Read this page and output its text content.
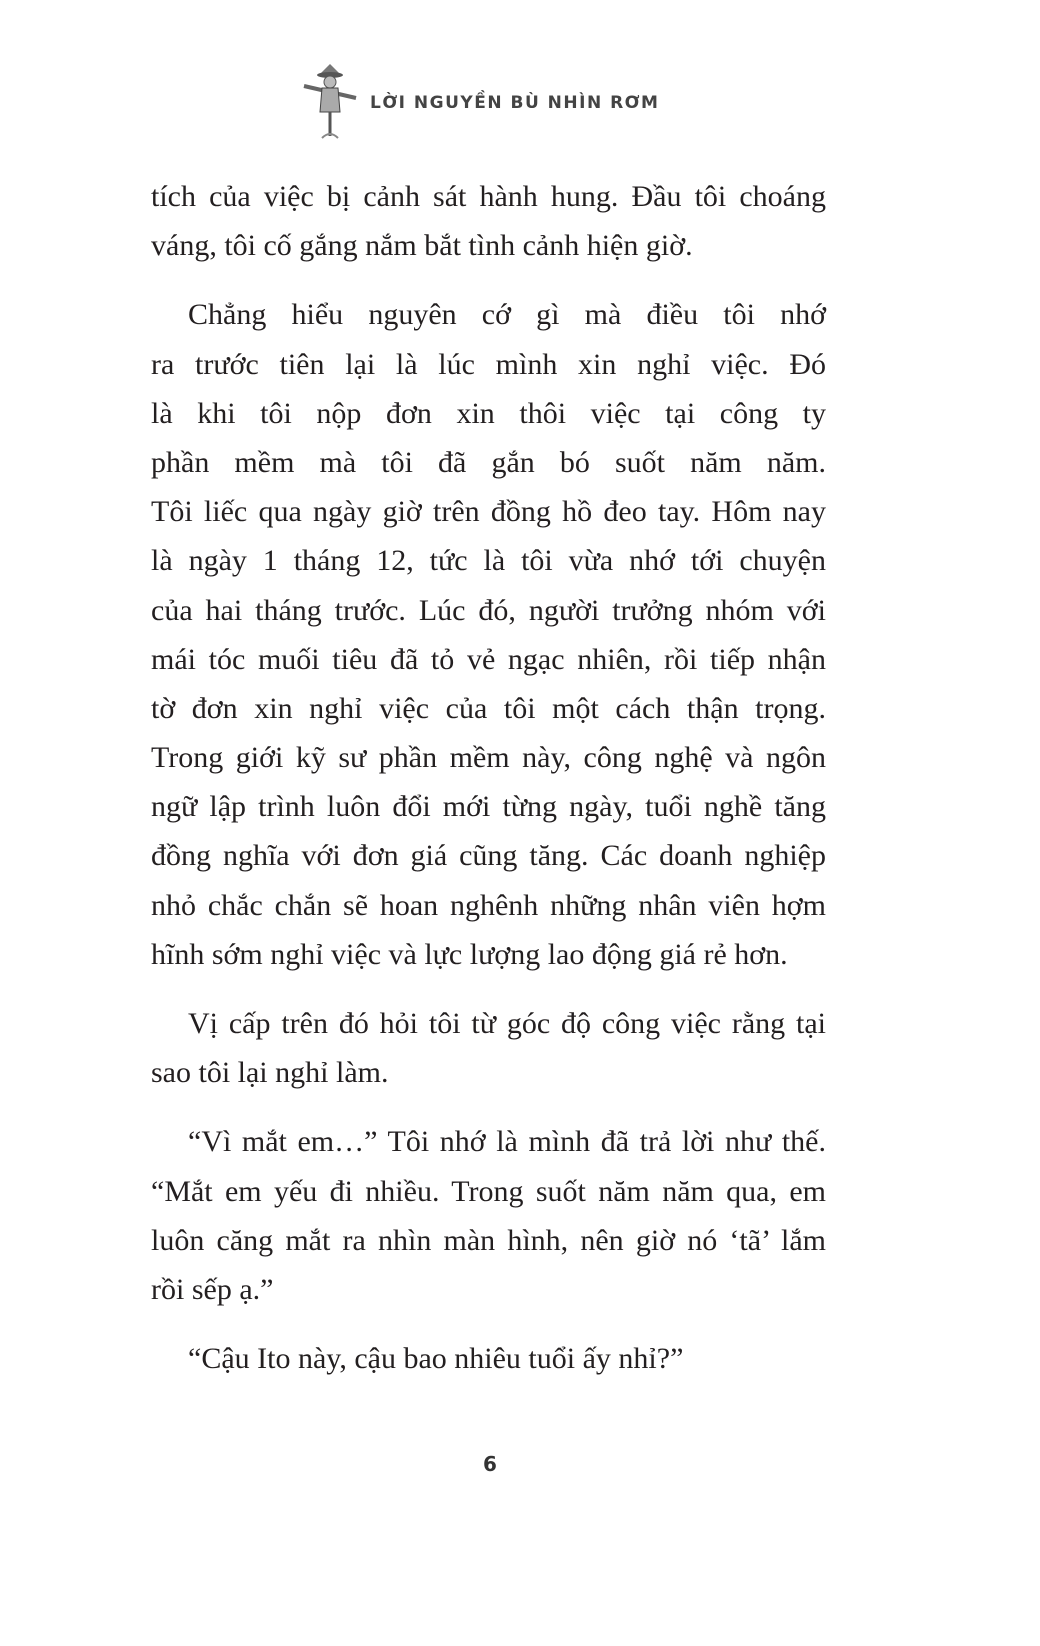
LỜI NGUYỀN BÙ NHÌN RƠM
tích của việc bị cảnh sát hành hung. Đầu tôi choáng
váng, tôi cố gắng nắm bắt tình cảnh hiện giờ.
Chẳng hiểu nguyên cớ gì mà điều tôi nhớ
ra trước tiên lại là lúc mình xin nghỉ việc. Đó
là khi tôi nộp đơn xin thôi việc tại công ty
phần mềm mà tôi đã gắn bó suốt năm năm.
Tôi liếc qua ngày giờ trên đồng hồ đeo tay. Hôm nay
là ngày 1 tháng 12, tức là tôi vừa nhớ tới chuyện
của hai tháng trước. Lúc đó, người trưởng nhóm với
mái tóc muối tiêu đã tỏ vẻ ngạc nhiên, rồi tiếp nhận
tờ đơn xin nghỉ việc của tôi một cách thận trọng.
Trong giới kỹ sư phần mềm này, công nghệ và ngôn
ngữ lập trình luôn đổi mới từng ngày, tuổi nghề tăng
đồng nghĩa với đơn giá cũng tăng. Các doanh nghiệp
nhỏ chắc chắn sẽ hoan nghênh những nhân viên hợm
hĩnh sớm nghỉ việc và lực lượng lao động giá rẻ hơn.
Vị cấp trên đó hỏi tôi từ góc độ công việc rằng tại
sao tôi lại nghỉ làm.
“Vì mắt em…” Tôi nhớ là mình đã trả lời như thế.
“Mắt em yếu đi nhiều. Trong suốt năm năm qua, em
luôn căng mắt ra nhìn màn hình, nên giờ nó ‘tã’ lắm
rồi sếp ạ.”
“Cậu Ito này, cậu bao nhiêu tuổi ấy nhỉ?”
6
